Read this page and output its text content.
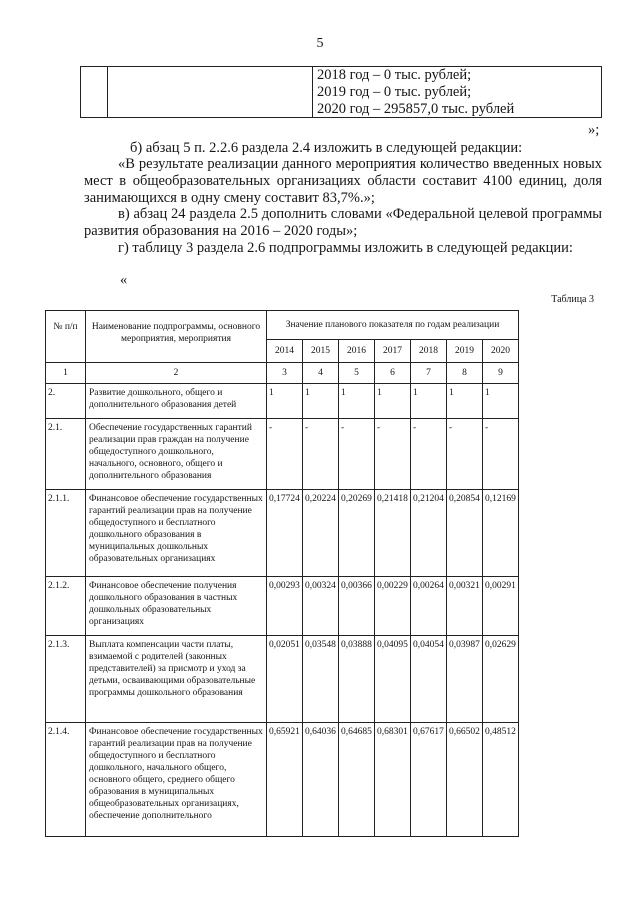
5
2018 год – 0 тыс. рублей;
2019 год – 0 тыс. рублей;
2020 год – 295857,0 тыс. рублей
»;
б) абзац 5 п. 2.2.6 раздела 2.4 изложить в следующей редакции:
«В результате реализации данного мероприятия количество введенных новых мест в общеобразовательных организациях области составит 4100 единиц, доля занимающихся в одну смену составит 83,7%.»;
в) абзац 24 раздела 2.5 дополнить словами «Федеральной целевой программы развития образования на 2016 – 2020 годы»;
г) таблицу 3 раздела 2.6 подпрограммы изложить в следующей редакции:
«
Таблица 3
№ п/п	Наименование подпрограммы, основного мероприятия, мероприятия	Значение планового показателя по годам реализации						
		2014	2015	2016	2017	2018	2019	2020
1	2	3	4	5	6	7	8	9
2.	Развитие дошкольного, общего и дополнительного образования детей	1	1	1	1	1	1	1
2.1.	Обеспечение государственных гарантий реализации прав граждан на получение общедоступного дошкольного, начального, основного, общего и дополнительного образования	-	-	-	-	-	-	-
2.1.1.	Финансовое обеспечение государственных гарантий реализации прав на получение общедоступного и бесплатного дошкольного образования в муниципальных дошкольных образовательных организациях	0,17724	0,20224	0,20269	0,21418	0,21204	0,20854	0,12169
2.1.2.	Финансовое обеспечение получения дошкольного образования в частных дошкольных образовательных организациях	0,00293	0,00324	0,00366	0,00229	0,00264	0,00321	0,00291
2.1.3.	Выплата компенсации части платы, взимаемой с родителей (законных представителей) за присмотр и уход за детьми, осваивающими образовательные программы дошкольного образования	0,02051	0,03548	0,03888	0,04095	0,04054	0,03987	0,02629
2.1.4.	Финансовое обеспечение государственных гарантий реализации прав на получение общедоступного и бесплатного дошкольного, начального общего, основного общего, среднего общего образования в муниципальных общеобразовательных организациях, обеспечение дополнительного	0,65921	0,64036	0,64685	0,68301	0,67617	0,66502	0,48512
